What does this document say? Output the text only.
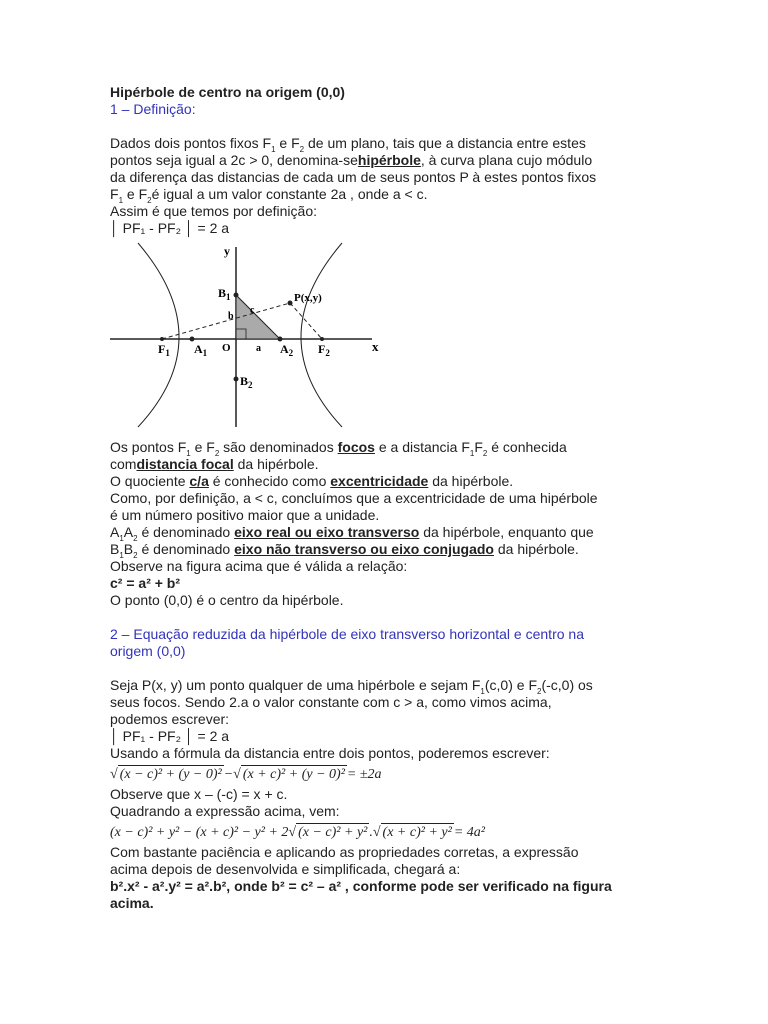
Hipérbole de centro na origem (0,0)

1 – Definição:

Dados dois pontos fixos $F_1$ e $F_2$ de um plano, tais que a distancia entre estes

pontos seja igual a 2c > 0, denomina-sehipérbole, à curva plana cujo módulo

da diferença das distancias de cada um de seus pontos P à estes pontos fixos

$F_1$ e $F_2é$ igual a um valor constante 2a , onde a < c.

Assim é que temos por definição:

│ PF₁ - PF₂ │ = 2 a

y
x
$B_1$
$B_2$
$F_1$	$F_2$
$A_1$	$A_2$
O
P(x,y)
b
c
a

Os pontos $F_1$ e $F_2$ são denominados focos e a distancia $F_1F_2$ é conhecida

comdistancia focal da hipérbole.

O quociente c/a é conhecido como excentricidade da hipérbole.

Como, por definição, a < c, concluímos que a excentricidade de uma hipérbole

é um número positivo maior que a unidade.

$A_1A_2$ é denominado eixo real ou eixo transverso da hipérbole, enquanto que

$B_1B_2$ é denominado eixo não transverso ou eixo conjugado da hipérbole.

Observe na figura acima que é válida a relação:

c² = a² + b²

O ponto (0,0) é o centro da hipérbole.

2 – Equação reduzida da hipérbole de eixo transverso horizontal e centro na

origem (0,0)

Seja P(x, y) um ponto qualquer de uma hipérbole e sejam $F_1(c,0)$ e $F_2(-c,0)$ os

seus focos. Sendo 2.a o valor constante com c > a, como vimos acima,

podemos escrever:

│ PF₁ - PF₂ │ = 2 a

Usando a fórmula da distancia entre dois pontos, poderemos escrever:

√ (x − c)² + (y − 0)² − √ (x + c)² + (y − 0)² = ±2a

Observe que x – (-c) = x + c.

Quadrando a expressão acima, vem:

(x − c)² + y² − (x + c)² − y² + 2 √ (x − c)² + y² . √ (x + c)² + y² = 4a²

Com bastante paciência e aplicando as propriedades corretas, a expressão

acima depois de desenvolvida e simplificada, chegará a:

b².x² - a².y² = a².b², onde b² = c² – a² , conforme pode ser verificado na figura

acima.
